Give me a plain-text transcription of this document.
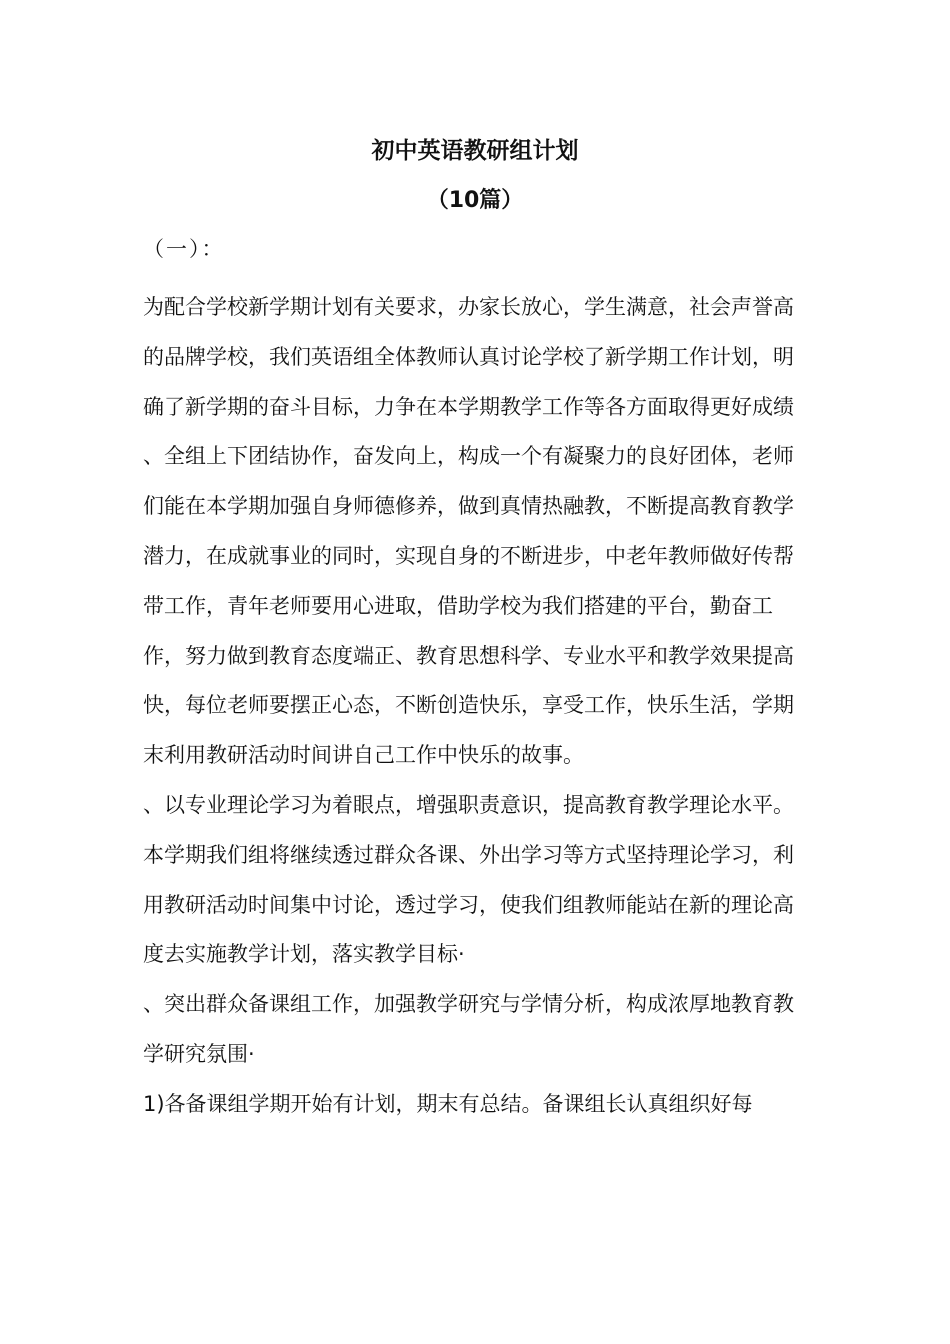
初中英语教研组计划
（10篇）

（一）：

为配合学校新学期计划有关要求，办家长放心，学生满意，社会声誉高的品牌学校，我们英语组全体教师认真讨论学校了新学期工作计划，明确了新学期的奋斗目标，力争在本学期教学工作等各方面取得更好成绩

、全组上下团结协作，奋发向上，构成一个有凝聚力的良好团体，老师们能在本学期加强自身师德修养，做到真情热融教，不断提高教育教学潜力，在成就事业的同时，实现自身的不断进步，中老年教师做好传帮带工作，青年老师要用心进取，借助学校为我们搭建的平台，勤奋工作，努力做到教育态度端正、教育思想科学、专业水平和教学效果提高快，每位老师要摆正心态，不断创造快乐，享受工作，快乐生活，学期末利用教研活动时间讲自己工作中快乐的故事。

、以专业理论学习为着眼点，增强职责意识，提高教育教学理论水平。本学期我们组将继续透过群众各课、外出学习等方式坚持理论学习，利用教研活动时间集中讨论，透过学习，使我们组教师能站在新的理论高度去实施教学计划，落实教学目标·

、突出群众备课组工作，加强教学研究与学情分析，构成浓厚地教育教学研究氛围·

1)各备课组学期开始有计划，期末有总结。备课组长认真组织好每
